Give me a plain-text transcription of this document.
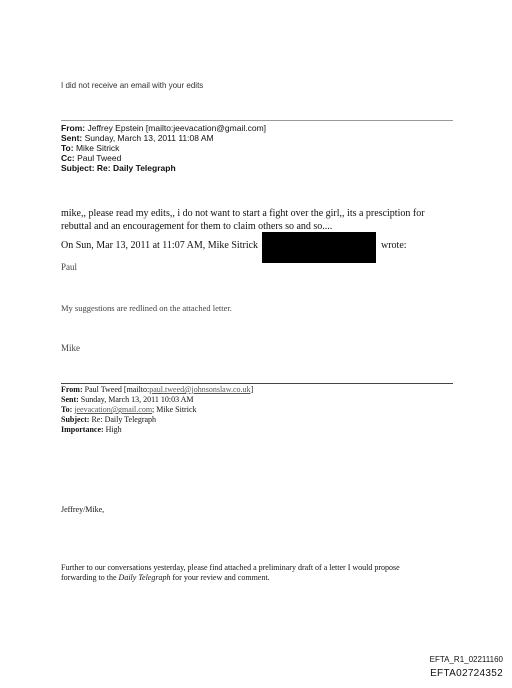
I did not receive an email with your edits
From: Jeffrey Epstein [mailto:jeevacation@gmail.com]
Sent: Sunday, March 13, 2011 11:08 AM
To: Mike Sitrick
Cc: Paul Tweed
Subject: Re: Daily Telegraph
mike,, please read my edits,, i do not want to start a fight over the girl,, its a presciption for
rebuttal and an encouragement for them to claim others so and so....
On Sun, Mar 13, 2011 at 11:07 AM, Mike Sitrick	wrote:
Paul
My suggestions are redlined on the attached letter.
Mike
From: Paul Tweed [mailto:paul.tweed@johnsonslaw.co.uk]
Sent: Sunday, March 13, 2011 10:03 AM
To: jeevacation@gmail.com; Mike Sitrick
Subject: Re: Daily Telegraph
Importance: High
Jeffrey/Mike,
Further to our conversations yesterday, please find attached a preliminary draft of a letter I would propose
forwarding to the Daily Telegraph for your review and comment.
EFTA_R1_02211160
EFTA02724352
